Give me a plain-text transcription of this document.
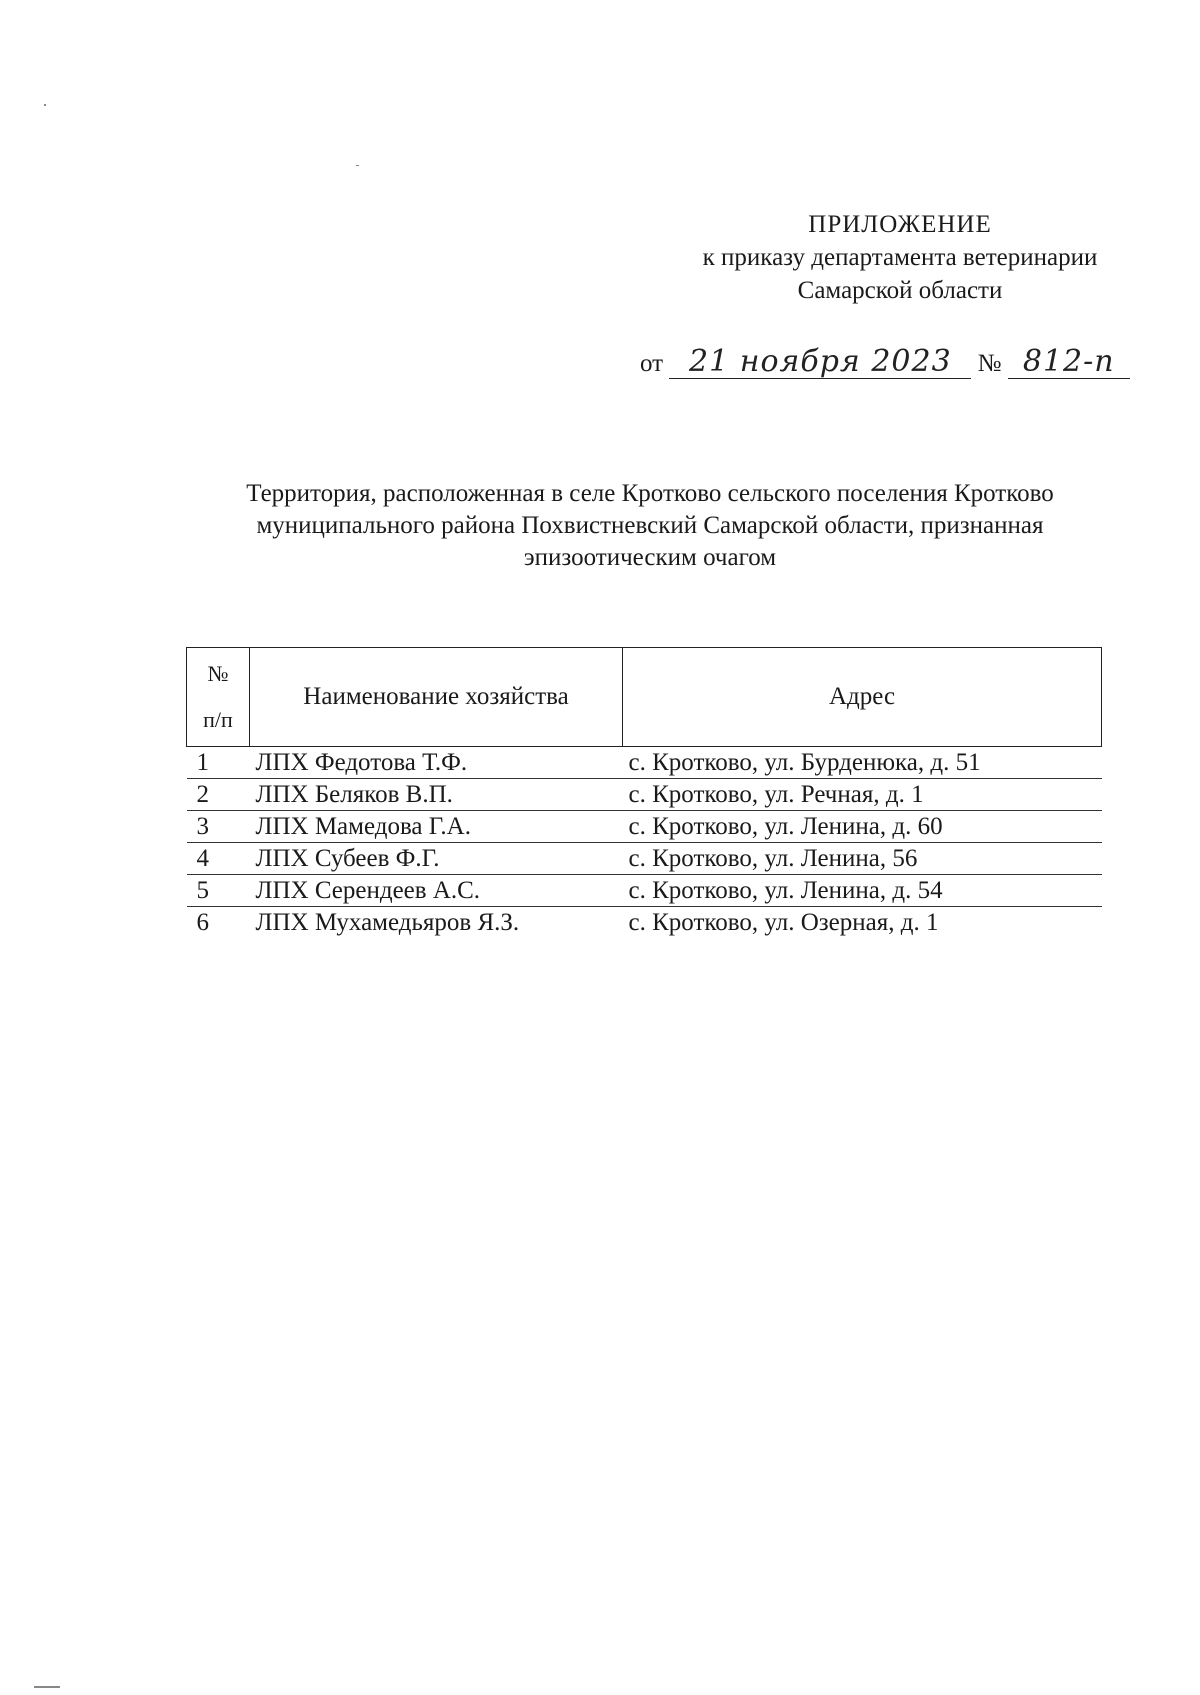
ПРИЛОЖЕНИЕ
к приказу департамента ветеринарии
Самарской области
от 21 ноября 2023 № 812-п
Территория, расположенная в селе Кротково сельского поселения Кротково
муниципального района Похвистневский Самарской области, признанная
эпизоотическим очагом
№
п/п	Наименование хозяйства	Адрес
1	ЛПХ Федотова Т.Ф.	с. Кротково, ул. Бурденюка, д. 51
2	ЛПХ Беляков В.П.	с. Кротково, ул. Речная, д. 1
3	ЛПХ Мамедова Г.А.	с. Кротково, ул. Ленина, д. 60
4	ЛПХ Субеев Ф.Г.	с. Кротково, ул. Ленина, 56
5	ЛПХ Серендеев А.С.	с. Кротково, ул. Ленина, д. 54
6	ЛПХ Мухамедьяров Я.З.	с. Кротково, ул. Озерная, д. 1
